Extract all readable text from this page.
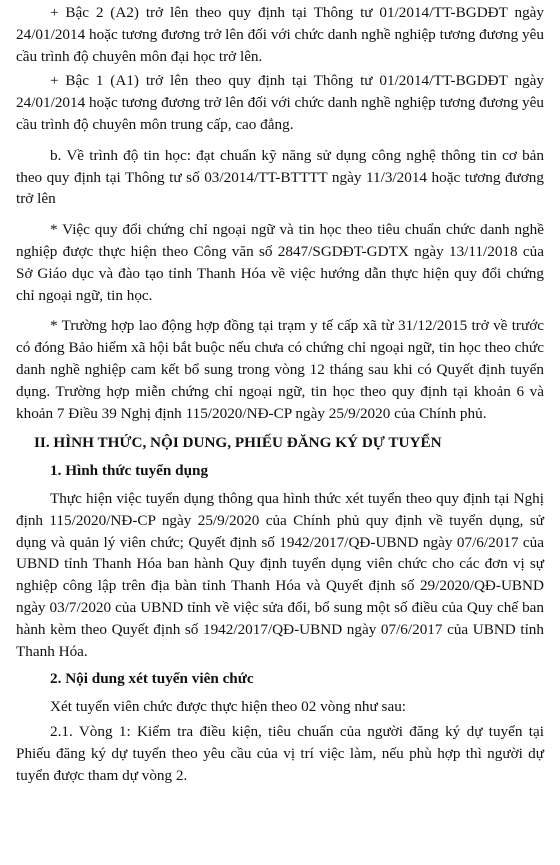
+ Bậc 2 (A2) trở lên theo quy định tại Thông tư 01/2014/TT-BGDĐT ngày 24/01/2014 hoặc tương đương trở lên đối với chức danh nghề nghiệp tương đương yêu cầu trình độ chuyên môn đại học trở lên.

+ Bậc 1 (A1) trở lên theo quy định tại Thông tư 01/2014/TT-BGDĐT ngày 24/01/2014 hoặc tương đương trở lên đối với chức danh nghề nghiệp tương đương yêu cầu trình độ chuyên môn trung cấp, cao đẳng.

b. Về trình độ tin học: đạt chuẩn kỹ năng sử dụng công nghệ thông tin cơ bản theo quy định tại Thông tư số 03/2014/TT-BTTTT ngày 11/3/2014 hoặc tương đương trở lên

* Việc quy đổi chứng chỉ ngoại ngữ và tin học theo tiêu chuẩn chức danh nghề nghiệp được thực hiện theo Công văn số 2847/SGDĐT-GDTX ngày 13/11/2018 của Sở Giáo dục và đào tạo tỉnh Thanh Hóa về việc hướng dẫn thực hiện quy đổi chứng chỉ ngoại ngữ, tin học.

* Trường hợp lao động hợp đồng tại trạm y tế cấp xã từ 31/12/2015 trở về trước có đóng Bảo hiểm xã hội bắt buộc nếu chưa có chứng chỉ ngoại ngữ, tin học theo chức danh nghề nghiệp cam kết bổ sung trong vòng 12 tháng sau khi có Quyết định tuyển dụng. Trường hợp miễn chứng chỉ ngoại ngữ, tin học theo quy định tại khoản 6 và khoản 7 Điều 39 Nghị định 115/2020/NĐ-CP ngày 25/9/2020 của Chính phủ.

II. HÌNH THỨC, NỘI DUNG, PHIẾU ĐĂNG KÝ DỰ TUYỂN
1. Hình thức tuyển dụng

Thực hiện việc tuyển dụng thông qua hình thức xét tuyển theo quy định tại Nghị định 115/2020/NĐ-CP ngày 25/9/2020 của Chính phủ quy định về tuyển dụng, sử dụng và quản lý viên chức; Quyết định số 1942/2017/QĐ-UBND ngày 07/6/2017 của UBND tỉnh Thanh Hóa ban hành Quy định tuyển dụng viên chức cho các đơn vị sự nghiệp công lập trên địa bàn tỉnh Thanh Hóa và Quyết định số 29/2020/QĐ-UBND ngày 03/7/2020 của UBND tỉnh về việc sửa đổi, bổ sung một số điều của Quy chế ban hành kèm theo Quyết định số 1942/2017/QĐ-UBND ngày 07/6/2017 của UBND tỉnh Thanh Hóa.

2. Nội dung xét tuyển viên chức

Xét tuyển viên chức được thực hiện theo 02 vòng như sau:

2.1. Vòng 1: Kiểm tra điều kiện, tiêu chuẩn của người đăng ký dự tuyển tại Phiếu đăng ký dự tuyển theo yêu cầu của vị trí việc làm, nếu phù hợp thì người dự tuyển được tham dự vòng 2.
